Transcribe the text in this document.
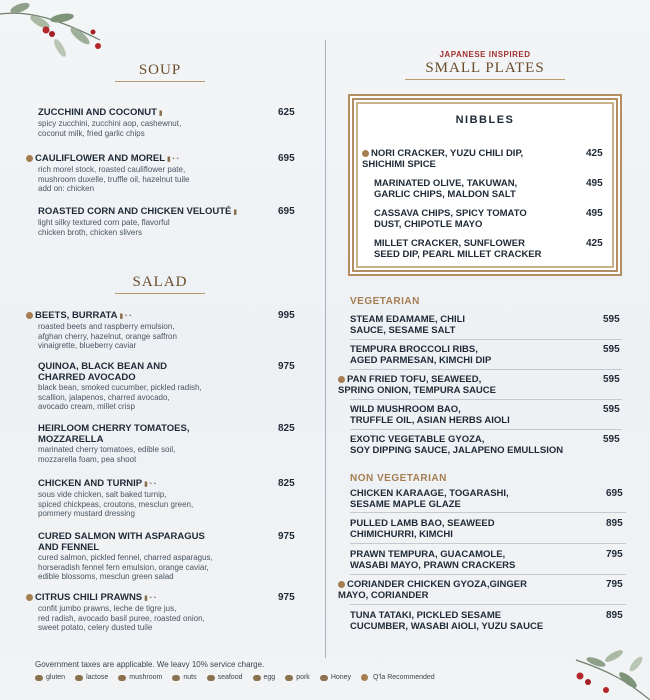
SOUP
ZUCCHINI AND COCONUT ▮
spicy zucchini, zucchini aop, cashewnut,
coconut milk, fried garlic chips
625
CAULIFLOWER AND MOREL ▮◔◔
rich morel stock, roasted cauliflower pate,
mushroom duxelle, truffle oil, hazelnut tuile
add on: chicken
695
ROASTED CORN AND CHICKEN VELOUTÉ ▮
light silky textured corn pate, flavorful
chicken broth, chicken slivers
695
SALAD
BEETS, BURRATA ▮◔◔
roasted beets and raspberry emulsion,
afghan cherry, hazelnut, orange saffron
vinaigrette, blueberry caviar
995
QUINOA, BLACK BEAN AND
CHARRED AVOCADO
black bean, smoked cucumber, pickled radish,
scallion, jalapenos, charred avocado,
avocado cream, millet crisp
975
HEIRLOOM CHERRY TOMATOES,
MOZZARELLA
marinated cherry tomatoes, edible soil,
mozzarella foam, pea shoot
825
CHICKEN AND TURNIP ▮◔◔
sous vide chicken, salt baked turnip,
spiced chickpeas, croutons, mesclun green,
pommery mustard dressing
825
CURED SALMON WITH ASPARAGUS
AND FENNEL
cured salmon, pickled fennel, charred asparagus,
horseradish fennel fern emulsion, orange caviar,
edible blossoms, mesclun green salad
975
CITRUS CHILI PRAWNS ▮◔◔
confit jumbo prawns, leche de tigre jus,
red radish, avocado basil puree, roasted onion,
sweet potato, celery dusted tuile
975
JAPANESE INSPIRED
SMALL PLATES
NIBBLES
NORI CRACKER, YUZU CHILI DIP,
SHICHIMI SPICE
425
MARINATED OLIVE, TAKUWAN,
GARLIC CHIPS, MALDON SALT
495
CASSAVA CHIPS, SPICY TOMATO
DUST, CHIPOTLE MAYO
495
MILLET CRACKER, SUNFLOWER
SEED DIP, PEARL MILLET CRACKER
425
VEGETARIAN
STEAM EDAMAME, CHILI
SAUCE, SESAME SALT
595
TEMPURA BROCCOLI RIBS,
AGED PARMESAN, KIMCHI DIP
595
PAN FRIED TOFU, SEAWEED,
SPRING ONION, TEMPURA SAUCE
595
WILD MUSHROOM BAO,
TRUFFLE OIL, ASIAN HERBS AIOLI
595
EXOTIC VEGETABLE GYOZA,
SOY DIPPING SAUCE, JALAPENO EMULLSION
595
NON VEGETARIAN
CHICKEN KARAAGE, TOGARASHI,
SESAME MAPLE GLAZE
695
PULLED LAMB BAO, SEAWEED
CHIMICHURRI, KIMCHI
895
PRAWN TEMPURA, GUACAMOLE,
WASABI MAYO, PRAWN CRACKERS
795
CORIANDER CHICKEN GYOZA,GINGER
MAYO, CORIANDER
795
TUNA TATAKI, PICKLED SESAME
CUCUMBER, WASABI AIOLI, YUZU SAUCE
895
Government taxes are applicable. We leavy 10% service charge.
gluten	lactose	mushroom	nuts	seafood	egg	pork	Honey	Q'la Recommended
